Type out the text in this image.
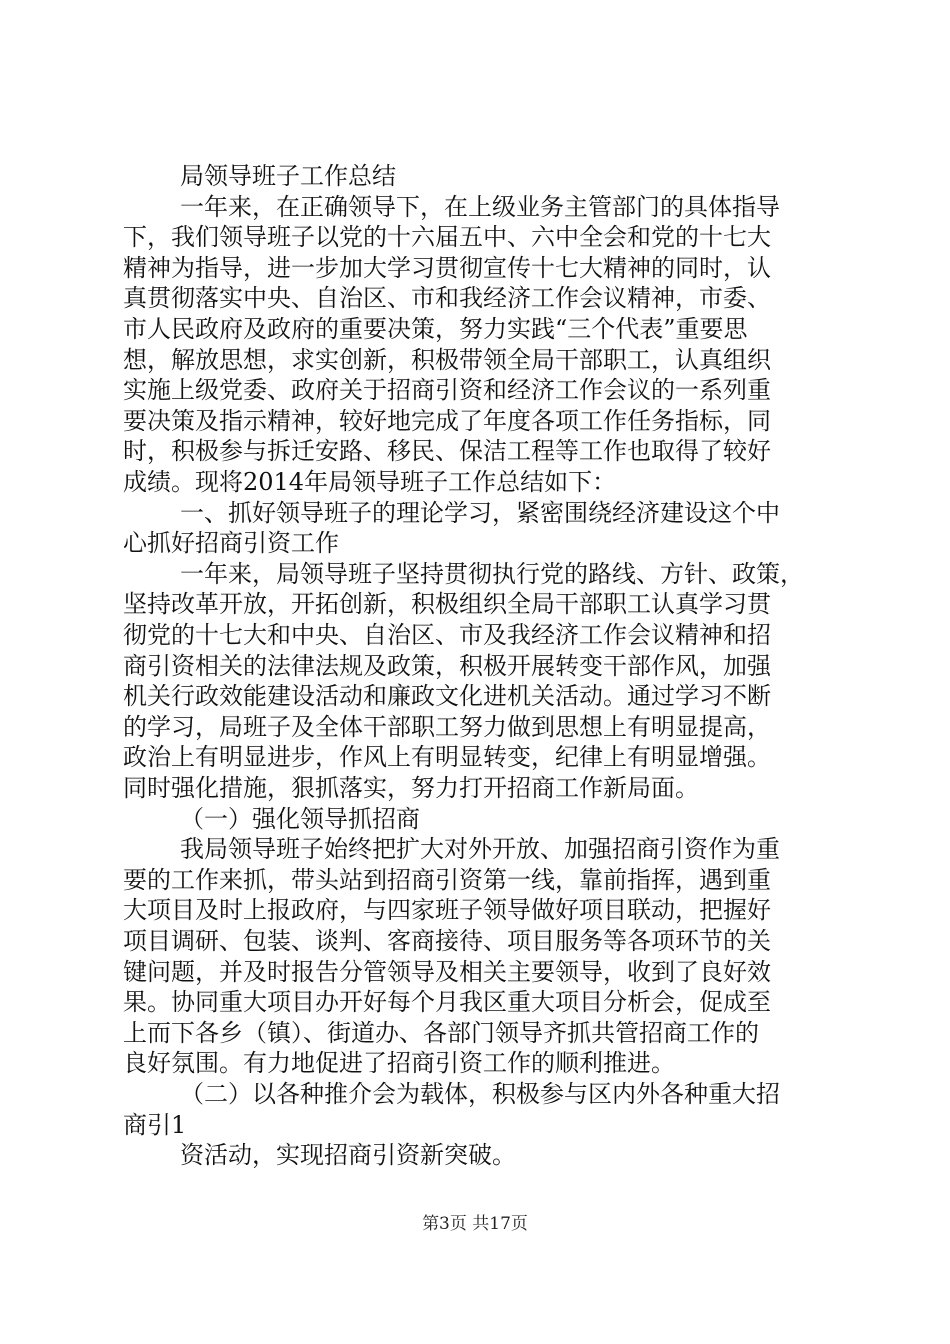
局领导班子工作总结
一年来，在正确领导下，在上级业务主管部门的具体指导
下，我们领导班子以党的十六届五中、六中全会和党的十七大
精神为指导，进一步加大学习贯彻宣传十七大精神的同时，认
真贯彻落实中央、自治区、市和我经济工作会议精神，市委、
市人民政府及政府的重要决策，努力实践“三个代表”重要思
想，解放思想，求实创新，积极带领全局干部职工，认真组织
实施上级党委、政府关于招商引资和经济工作会议的一系列重
要决策及指示精神，较好地完成了年度各项工作任务指标，同
时，积极参与拆迁安路、移民、保洁工程等工作也取得了较好
成绩。现将2014年局领导班子工作总结如下：
一、抓好领导班子的理论学习，紧密围绕经济建设这个中
心抓好招商引资工作
一年来，局领导班子坚持贯彻执行党的路线、方针、政策，
坚持改革开放，开拓创新，积极组织全局干部职工认真学习贯
彻党的十七大和中央、自治区、市及我经济工作会议精神和招
商引资相关的法律法规及政策，积极开展转变干部作风，加强
机关行政效能建设活动和廉政文化进机关活动。通过学习不断
的学习，局班子及全体干部职工努力做到思想上有明显提高，
政治上有明显进步，作风上有明显转变，纪律上有明显增强。
同时强化措施，狠抓落实，努力打开招商工作新局面。
（一）强化领导抓招商
我局领导班子始终把扩大对外开放、加强招商引资作为重
要的工作来抓，带头站到招商引资第一线，靠前指挥，遇到重
大项目及时上报政府，与四家班子领导做好项目联动，把握好
项目调研、包装、谈判、客商接待、项目服务等各项环节的关
键问题，并及时报告分管领导及相关主要领导，收到了良好效
果。协同重大项目办开好每个月我区重大项目分析会，促成至
上而下各乡（镇）、街道办、各部门领导齐抓共管招商工作的
良好氛围。有力地促进了招商引资工作的顺利推进。
（二）以各种推介会为载体，积极参与区内外各种重大招
商引1
资活动，实现招商引资新突破。
第3页 共17页
